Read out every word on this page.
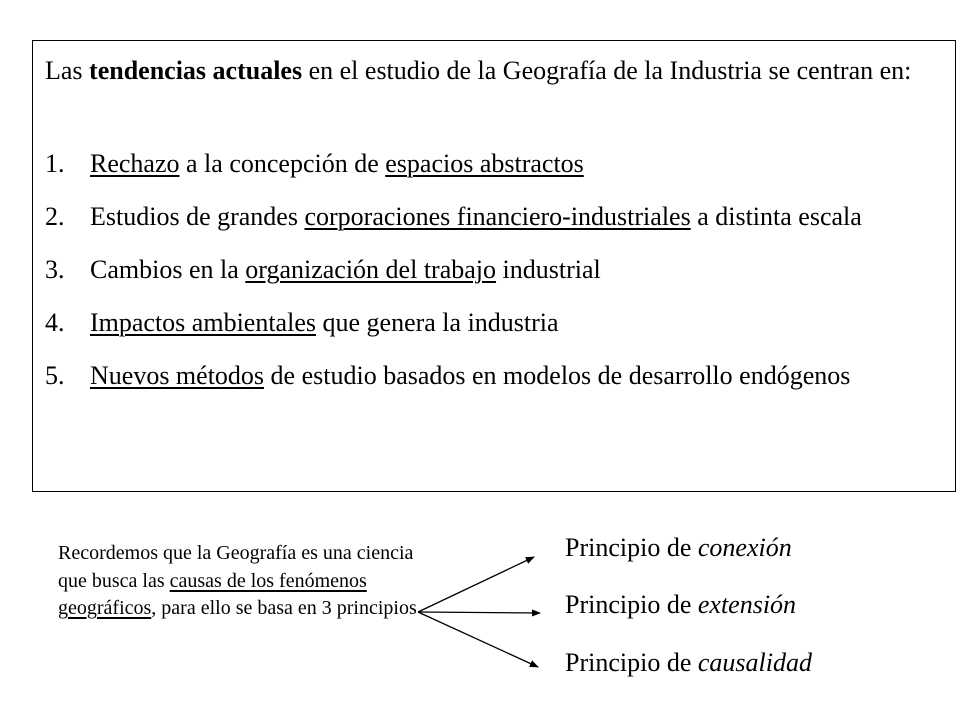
Las tendencias actuales en el estudio de la Geografía de la Industria se centran en:

1. Rechazo a la concepción de espacios abstractos
2. Estudios de grandes corporaciones financiero-industriales a distinta escala
3. Cambios en la organización del trabajo industrial
4. Impactos ambientales que genera la industria
5. Nuevos métodos de estudio basados en modelos de desarrollo endógenos
Recordemos que la Geografía es una ciencia que busca las causas de los fenómenos geográficos, para ello se basa en 3 principios
Principio de conexión
Principio de extensión
Principio de causalidad
